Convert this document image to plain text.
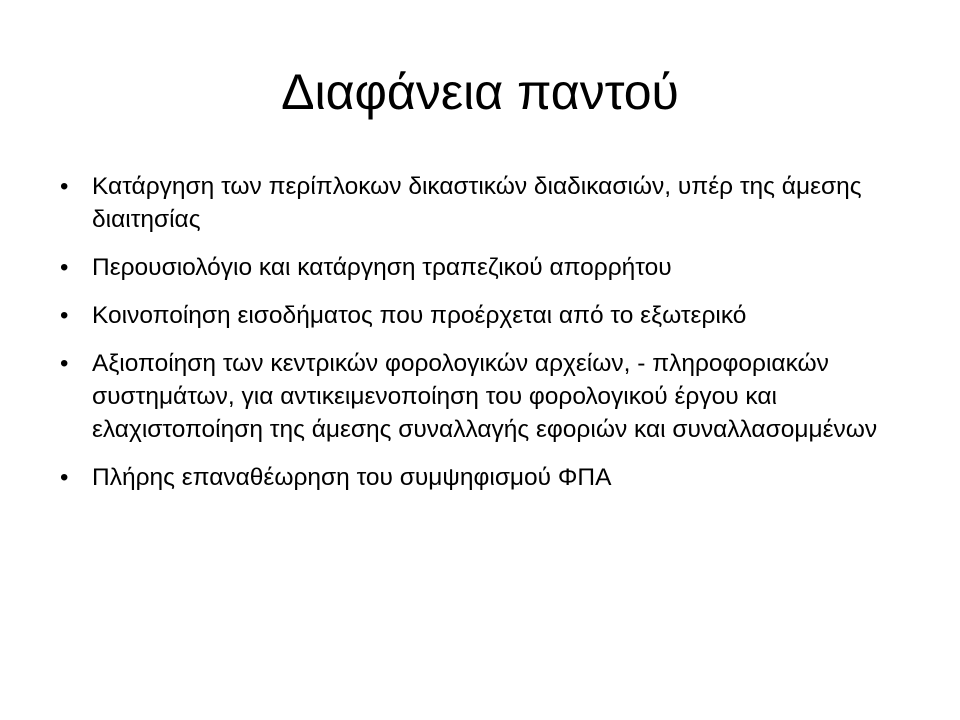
Διαφάνεια παντού
• Κατάργηση των περίπλοκων δικαστικών διαδικασιών, υπέρ της άμεσης διαιτησίας
• Περουσιολόγιο και κατάργηση τραπεζικού απορρήτου
• Κοινοποίηση εισοδήματος που προέρχεται από το εξωτερικό
• Αξιοποίηση των κεντρικών φορολογικών αρχείων, - πληροφοριακών συστημάτων, για αντικειμενοποίηση του φορολογικού έργου και ελαχιστοποίηση της άμεσης συναλλαγής εφοριών και συναλλασομμένων
• Πλήρης επαναθέωρηση του συμψηφισμού ΦΠΑ
